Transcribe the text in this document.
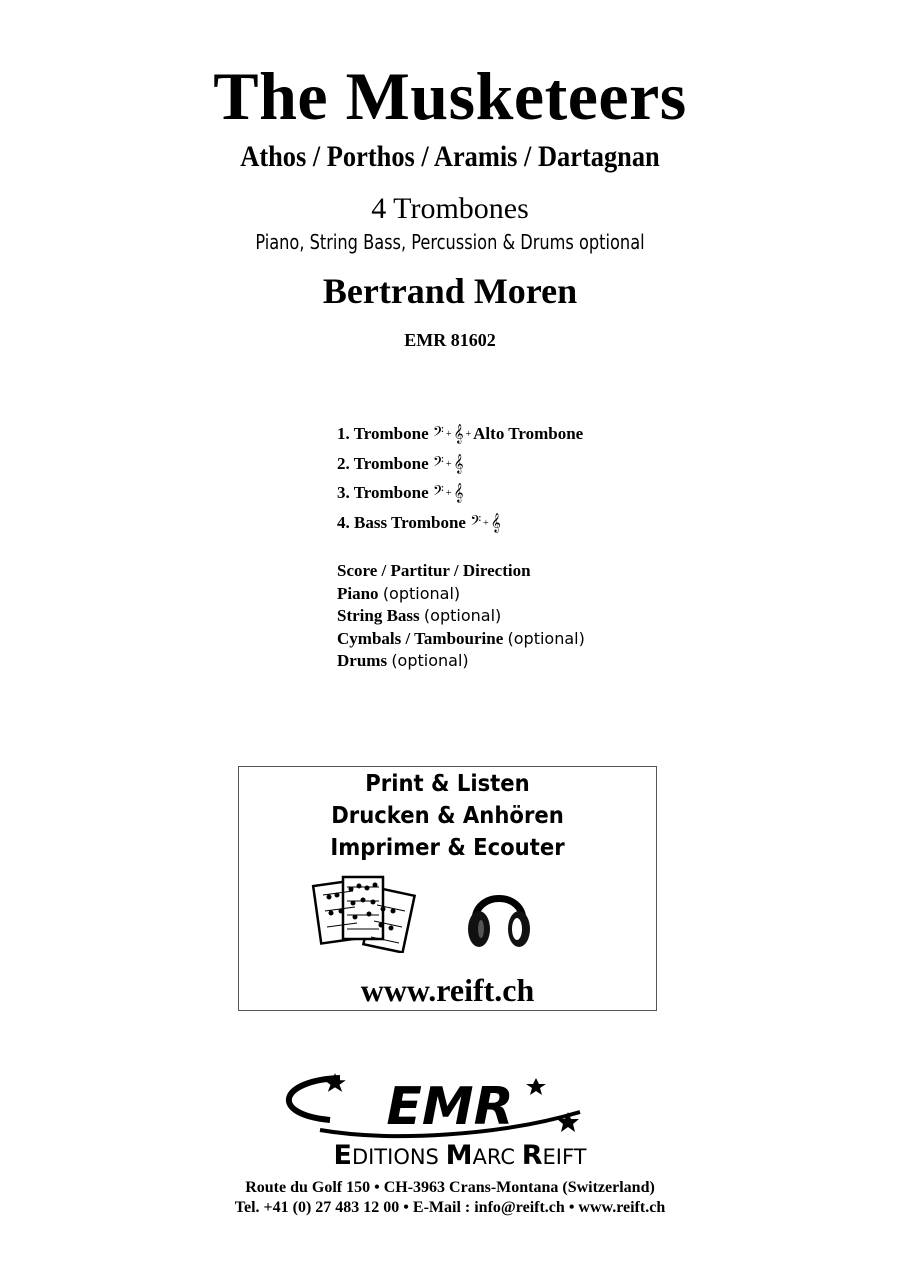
The Musketeers
Athos / Porthos / Aramis / Dartagnan
4 Trombones
Piano, String Bass, Percussion & Drums optional
Bertrand Moren
EMR 81602
1. Trombone 𝄢 + 𝄞 + Alto Trombone
2. Trombone 𝄢 + 𝄞
3. Trombone 𝄢 + 𝄞
4. Bass Trombone 𝄢 + 𝄞
Score / Partitur / Direction
Piano (optional)
String Bass (optional)
Cymbals / Tambourine (optional)
Drums (optional)
Print & Listen
Drucken & Anhören
Imprimer & Ecouter
www.reift.ch
EMR
EDITIONS MARC REIFT
Route du Golf 150 • CH-3963 Crans-Montana (Switzerland)
Tel. +41 (0) 27 483 12 00 • E-Mail : info@reift.ch • www.reift.ch
